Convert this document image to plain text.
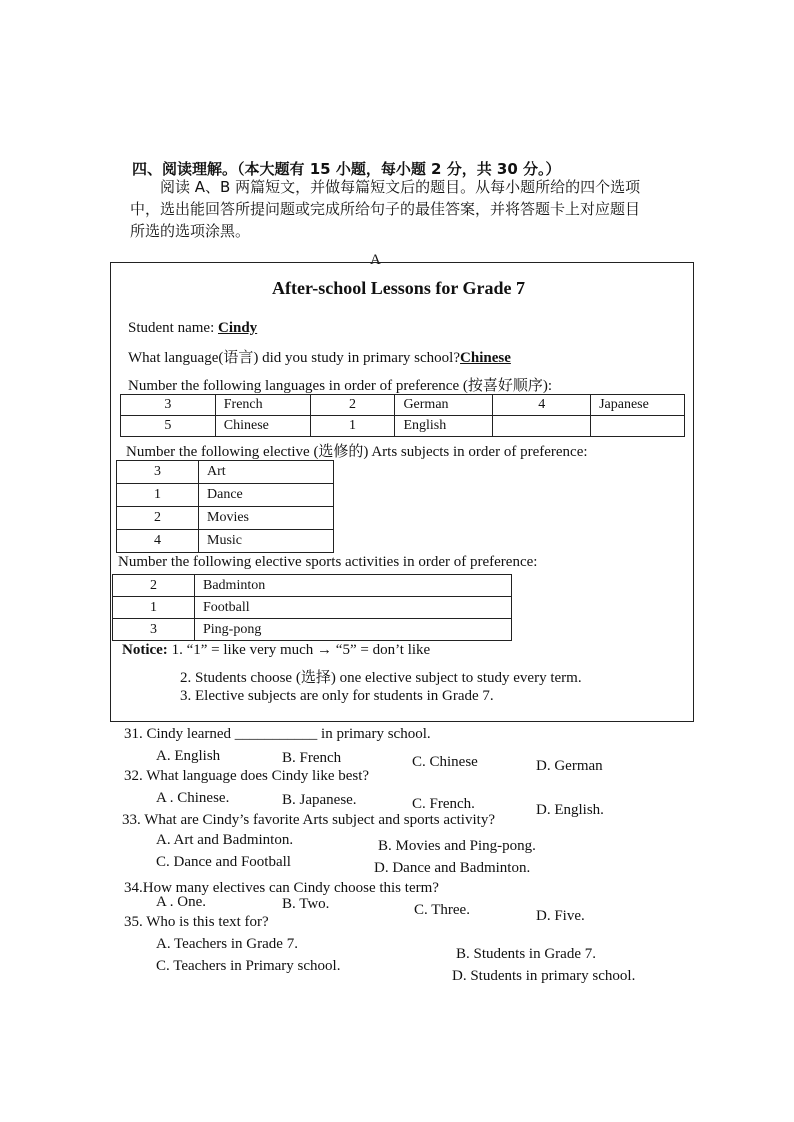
四、阅读理解。（本大题有 15 小题，每小题 2 分，共 30 分。）
阅读 A、B 两篇短文，并做每篇短文后的题目。从每小题所给的四个选项
中，选出能回答所提问题或完成所给句子的最佳答案，并将答题卡上对应题目
所选的选项涂黑。
A
After-school Lessons for Grade 7
Student name: Cindy
What language(语言) did you study in primary school?Chinese
Number the following languages in order of preference (按喜好顺序):
3	French	2	German	4	Japanese
5	Chinese	1	English		
Number the following elective (选修的) Arts subjects in order of preference:
3	Art
1	Dance
2	Movies
4	Music
Number the following elective sports activities in order of preference:
2	Badminton
1	Football
3	Ping-pong
Notice: 1. “1” = like very much → “5” = don’t like
2. Students choose (选择) one elective subject to study every term.
3. Elective subjects are only for students in Grade 7.
31. Cindy learned ___________ in primary school.
A. English	B. French	C. Chinese	D. German
32. What language does Cindy like best?
A . Chinese.	B. Japanese.	C. French.	D. English.
33. What are Cindy’s favorite Arts subject and sports activity?
A. Art and Badminton.	B. Movies and Ping-pong.
C. Dance and Football	D. Dance and Badminton.
34.How many electives can Cindy choose this term?
A . One.	B. Two.	C. Three.	D. Five.
35. Who is this text for?
A. Teachers in Grade 7.
B. Students in Grade 7.
C. Teachers in Primary school.
D. Students in primary school.
